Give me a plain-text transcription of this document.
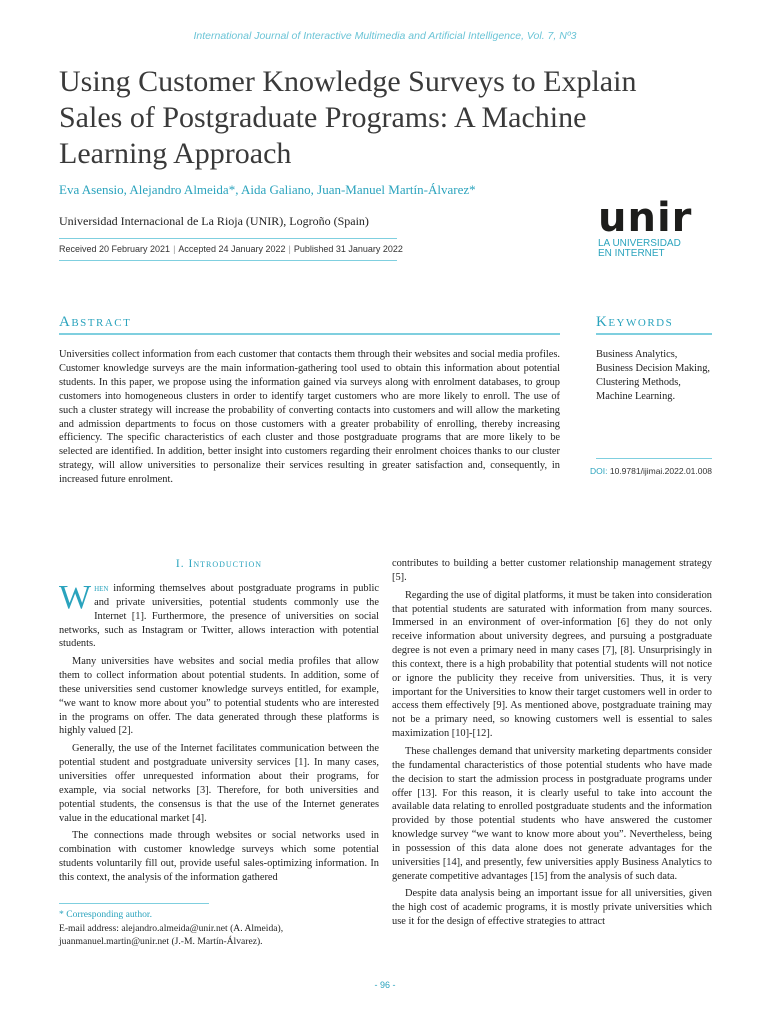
International Journal of Interactive Multimedia and Artificial Intelligence, Vol. 7, Nº3
Using Customer Knowledge Surveys to Explain Sales of Postgraduate Programs: A Machine Learning Approach
Eva Asensio, Alejandro Almeida*, Aida Galiano, Juan-Manuel Martín-Álvarez*
Universidad Internacional de La Rioja (UNIR), Logroño (Spain)
Received 20 February 2021 | Accepted 24 January 2022 | Published 31 January 2022
unir
LA UNIVERSIDAD
EN INTERNET
Abstract
Universities collect information from each customer that contacts them through their websites and social media profiles. Customer knowledge surveys are the main information-gathering tool used to obtain this information about potential students. In this paper, we propose using the information gained via surveys along with enrolment databases, to group customers into homogeneous clusters in order to identify target customers who are more likely to enroll. The use of such a cluster strategy will increase the probability of converting contacts into customers and will allow the marketing and admission departments to focus on those customers with a greater probability of enrolling, thereby increasing efficiency. The specific characteristics of each cluster and those postgraduate programs that are more likely to be selected are identified. In addition, better insight into customers regarding their enrolment choices thanks to our cluster strategy, will allow universities to personalize their services resulting in greater satisfaction and, consequently, in increased future enrolment.
Keywords
Business Analytics, Business Decision Making, Clustering Methods, Machine Learning.
DOI: 10.9781/ijimai.2022.01.008
I. Introduction

When informing themselves about postgraduate programs in public and private universities, potential students commonly use the Internet [1]. Furthermore, the presence of universities on social networks, such as Instagram or Twitter, allows interaction with potential students.

Many universities have websites and social media profiles that allow them to collect information about potential students. In addition, some of these universities send customer knowledge surveys entitled, for example, “we want to know more about you” to potential students who are interested in the programs on offer. The data generated through these platforms is highly valued [2].

Generally, the use of the Internet facilitates communication between the potential student and postgraduate university services [1]. In many cases, universities offer unrequested information about their programs, for example, via social networks [3]. Therefore, for both universities and potential students, the consensus is that the use of the Internet generates value in the educational market [4].

The connections made through websites or social networks used in combination with customer knowledge surveys which some potential students voluntarily fill out, provide useful sales-optimizing information. In this context, the analysis of the information gathered

* Corresponding author.
E-mail address: alejandro.almeida@unir.net (A. Almeida),
juanmanuel.martin@unir.net (J.-M. Martín-Álvarez).

contributes to building a better customer relationship management strategy [5].

Regarding the use of digital platforms, it must be taken into consideration that potential students are saturated with information from many sources. Immersed in an environment of over-information [6] they do not only receive information about university degrees, and pursuing a postgraduate degree is not even a primary need in many cases [7], [8]. Unsurprisingly in this context, there is a high probability that potential students will not notice or ignore the publicity they receive from universities. Thus, it is very important for the Universities to know their target customers well in order to access them effectively [9]. As mentioned above, postgraduate training may not be a primary need, so knowing customers well is essential to sales maximization [10]-[12].

These challenges demand that university marketing departments consider the fundamental characteristics of those potential students who have made the decision to start the admission process in postgraduate programs under offer [13]. For this reason, it is clearly useful to take into account the available data relating to enrolled postgraduate students and the information provided by those potential students who have answered the customer knowledge survey “we want to know more about you”. Nevertheless, being in possession of this data alone does not generate advantages for the universities [14], and presently, few universities apply Business Analytics to generate competitive advantages [15] from the analysis of such data.

Despite data analysis being an important issue for all universities, given the high cost of academic programs, it is mostly private universities which use it for the design of effective strategies to attract

- 96 -
